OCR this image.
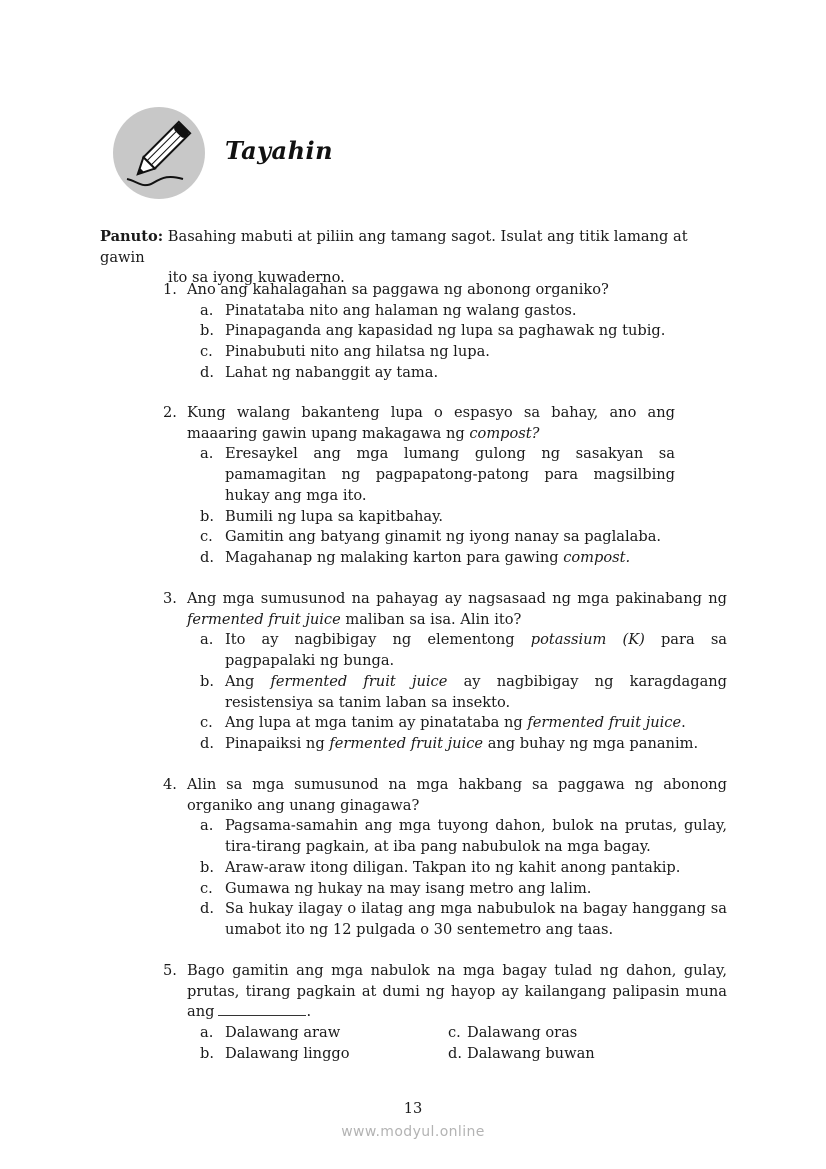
Tayahin
Panuto: Basahing mabuti at piliin ang tamang sagot. Isulat ang titik lamang at gawin
ito sa iyong kuwaderno.
1. Ano ang kahalagahan sa paggawa ng abonong organiko?
a. Pinatataba nito ang halaman ng walang gastos.
b. Pinapaganda ang kapasidad ng lupa sa paghawak ng tubig.
c. Pinabubuti nito ang hilatsa ng lupa.
d. Lahat ng nabanggit ay tama.
2. Kung walang bakanteng lupa o espasyo sa bahay, ano ang maaaring gawin upang makagawa ng compost?
a. Eresaykel ang mga lumang gulong ng sasakyan sa pamamagitan ng pagpapatong-patong para magsilbing hukay ang mga ito.
b. Bumili ng lupa sa kapitbahay.
c. Gamitin ang batyang ginamit ng iyong nanay sa paglalaba.
d. Magahanap ng malaking karton para gawing compost.
3. Ang mga sumusunod na pahayag ay nagsasaad ng mga pakinabang ng fermented fruit juice maliban sa isa. Alin ito?
a. Ito ay nagbibigay ng elementong potassium (K) para sa pagpapalaki ng bunga.
b. Ang fermented fruit juice ay nagbibigay ng karagdagang resistensiya sa tanim laban sa insekto.
c. Ang lupa at mga tanim ay pinatataba ng fermented fruit juice.
d. Pinapaiksi ng fermented fruit juice ang buhay ng mga pananim.
4. Alin sa mga sumusunod na mga hakbang sa paggawa ng abonong organiko ang unang ginagawa?
a. Pagsama-samahin ang mga tuyong dahon, bulok na prutas, gulay, tira-tirang pagkain, at iba pang nabubulok na mga bagay.
b. Araw-araw itong diligan. Takpan ito ng kahit anong pantakip.
c. Gumawa ng hukay na may isang metro ang lalim.
d. Sa hukay ilagay o ilatag ang mga nabubulok na bagay hanggang sa umabot ito ng 12 pulgada o 30 sentemetro ang taas.
5. Bago gamitin ang mga nabulok na mga bagay tulad ng dahon, gulay, prutas, tirang pagkain at dumi ng hayop ay kailangang palipasin muna ang	.
a. Dalawang araw	c. Dalawang oras
b. Dalawang linggo	d. Dalawang buwan
13
www.modyul.online
